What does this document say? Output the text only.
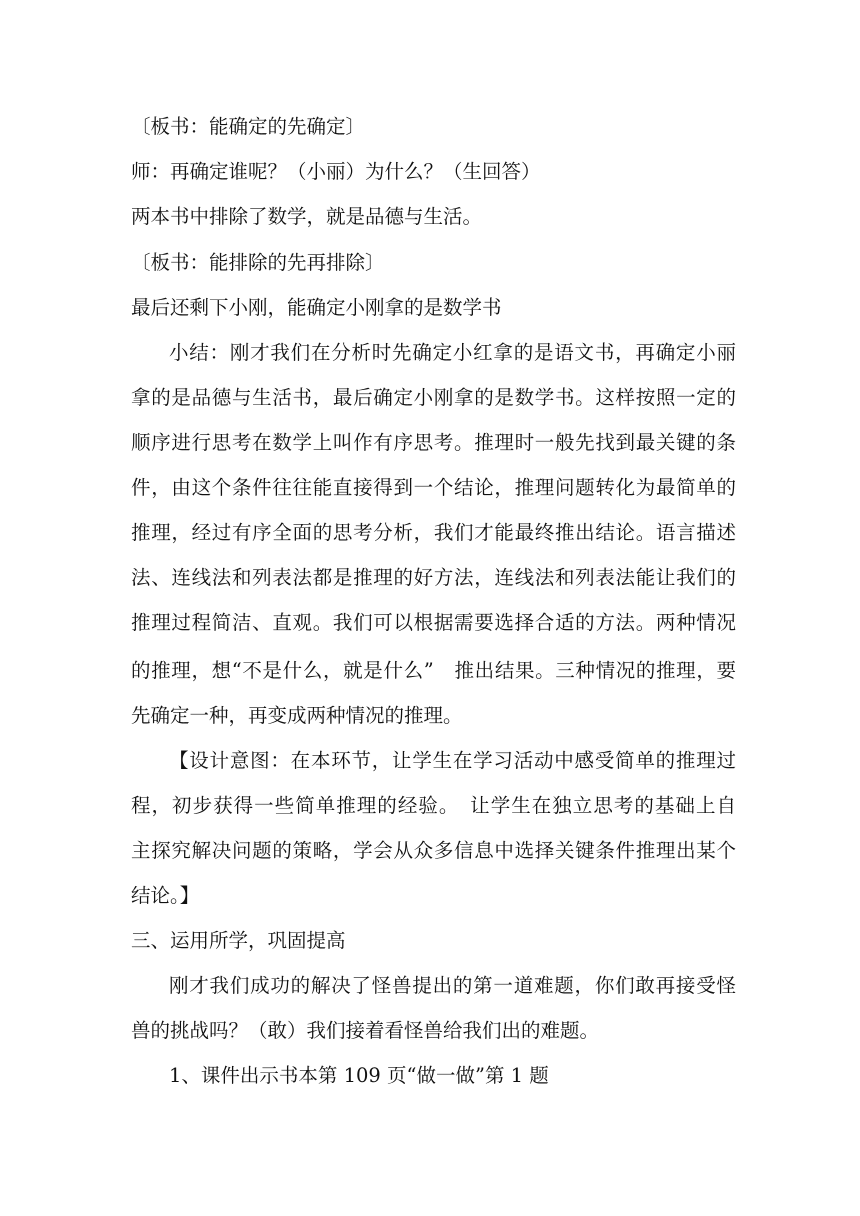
〔板书：能确定的先确定〕
师：再确定谁呢？（小丽）为什么？（生回答）
两本书中排除了数学，就是品德与生活。
〔板书：能排除的先再排除〕
最后还剩下小刚，能确定小刚拿的是数学书
小结：刚才我们在分析时先确定小红拿的是语文书，再确定小丽
拿的是品德与生活书，最后确定小刚拿的是数学书。这样按照一定的
顺序进行思考在数学上叫作有序思考。推理时一般先找到最关键的条
件，由这个条件往往能直接得到一个结论，推理问题转化为最简单的
推理，经过有序全面的思考分析，我们才能最终推出结论。语言描述
法、连线法和列表法都是推理的好方法，连线法和列表法能让我们的
推理过程简洁、直观。我们可以根据需要选择合适的方法。两种情况
的推理，想“不是什么，就是什么”　推出结果。三种情况的推理，要
先确定一种，再变成两种情况的推理。
【设计意图：在本环节，让学生在学习活动中感受简单的推理过
程，初步获得一些简单推理的经验。　让学生在独立思考的基础上自
主探究解决问题的策略，学会从众多信息中选择关键条件推理出某个
结论。】
三、运用所学，巩固提高
刚才我们成功的解决了怪兽提出的第一道难题，你们敢再接受怪
兽的挑战吗？（敢）我们接着看怪兽给我们出的难题。
1、课件出示书本第 109 页“做一做”第 1 题
